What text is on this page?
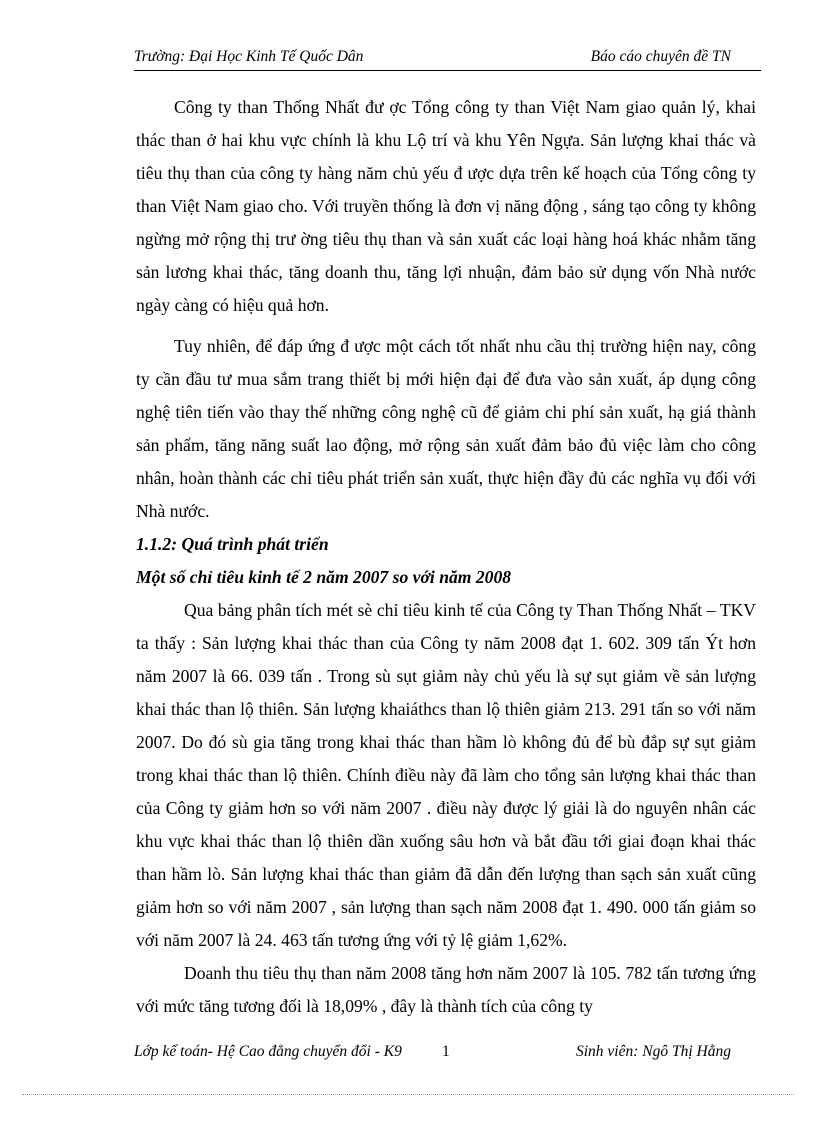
Trường: Đại Học Kinh Tế Quốc Dân	Báo cáo chuyên đề TN

Công ty than Thống Nhất đư ợc Tổng công ty than Việt Nam giao quản lý, khai thác than ở hai khu vực chính là khu Lộ trí và khu Yên Ngựa. Sản lượng khai thác và tiêu thụ than của công ty hàng năm chủ yếu đ ược dựa trên kế hoạch của Tổng công ty than Việt Nam giao cho. Với truyền thống là đơn vị năng động , sáng tạo công ty không ngừng mở rộng thị trư ờng tiêu thụ than và sản xuất các loại hàng hoá khác nhằm tăng sản lương khai thác, tăng doanh thu, tăng lợi nhuận, đảm bảo sử dụng vốn Nhà nước ngày càng có hiệu quả hơn.

Tuy nhiên, để đáp ứng đ ược một cách tốt nhất nhu cầu thị trường hiện nay, công ty cần đầu tư mua sắm trang thiết bị mới hiện đại để đưa vào sản xuất, áp dụng công nghệ tiên tiến vào thay thế những công nghệ cũ để giảm chi phí sản xuất, hạ giá thành sản phẩm, tăng năng suất lao động, mở rộng sản xuất đảm bảo đủ việc làm cho công nhân, hoàn thành các chỉ tiêu phát triển sản xuất, thực hiện đầy đủ các nghĩa vụ đối với Nhà nước.

1.1.2: Quá trình phát triển
Một số chỉ tiêu kinh tế 2 năm 2007 so với năm 2008

Qua bảng phân tích mét sè chỉ tiêu kinh tế của Công ty Than Thống Nhất – TKV ta thấy : Sản lượng khai thác than của Công ty năm 2008 đạt 1. 602. 309 tấn Ýt hơn năm 2007 là 66. 039 tấn . Trong sù sụt giảm này chủ yếu là sự sụt giảm về sản lượng khai thác than lộ thiên. Sản lượng khaiáthcs than lộ thiên giảm 213. 291 tấn so với năm 2007. Do đó sù gia tăng trong khai thác than hầm lò không đủ để bù đắp sự sụt giảm trong khai thác than lộ thiên. Chính điều này đã làm cho tổng sản lượng khai thác than của Công ty giảm hơn so với năm 2007 . điều này được lý giải là do nguyên nhân các khu vực khai thác than lộ thiên dần xuống sâu hơn và bắt đầu tới giai đoạn khai thác than hầm lò. Sản lượng khai thác than giảm đã dẫn đến lượng than sạch sản xuất cũng giảm hơn so với năm 2007 , sản lượng than sạch năm 2008 đạt 1. 490. 000 tấn giảm so với năm 2007 là 24. 463 tấn tương ứng với tỷ lệ giảm 1,62%.

Doanh thu tiêu thụ than năm 2008 tăng hơn năm 2007 là 105. 782 tấn tương ứng với mức tăng tương đối là 18,09% , đây là thành tích của công ty

Lớp kế toán- Hệ Cao đẳng chuyển đổi - K9	1	Sinh viên: Ngô Thị Hằng
